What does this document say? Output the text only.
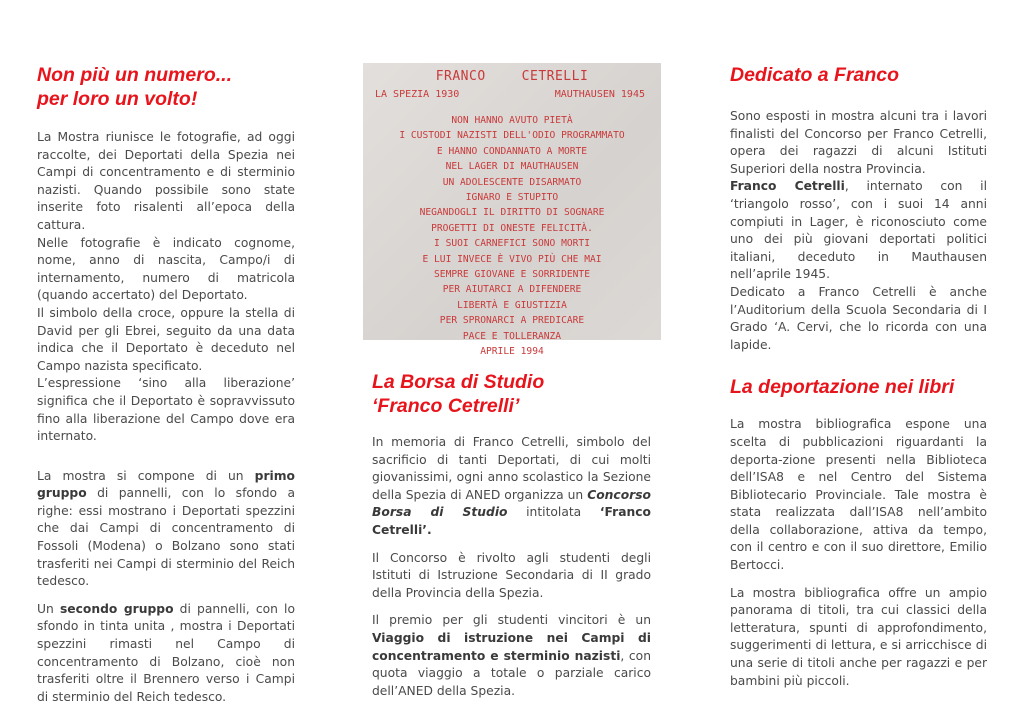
Non più un numero...
per loro un volto!

La Mostra riunisce le fotografie, ad oggi raccolte, dei Deportati della Spezia nei Campi di concentramento e di sterminio nazisti. Quando possibile sono state inserite foto risalenti all’epoca della cattura.

Nelle fotografie è indicato cognome, nome, anno di nascita, Campo/i di internamento, numero di matricola (quando accertato) del Deportato.

Il simbolo della croce, oppure la stella di David per gli Ebrei, seguito da una data indica che il Deportato è deceduto nel Campo nazista specificato.

L’espressione ‘sino alla liberazione’ significa che il Deportato è sopravvissuto fino alla liberazione del Campo dove era internato.

La mostra si compone di un primo gruppo di pannelli, con lo sfondo a righe: essi mostrano i Deportati spezzini che dai Campi di concentramento di Fossoli (Modena) o Bolzano sono stati trasferiti nei Campi di sterminio del Reich tedesco.

Un secondo gruppo di pannelli, con lo sfondo in tinta unita , mostra i Deportati spezzini rimasti nel Campo di concentramento di Bolzano, cioè non trasferiti oltre il Brennero verso i Campi di sterminio del Reich tedesco.

FRANCO	CETRELLI
LA SPEZIA 1930	MAUTHAUSEN 1945
NON HANNO AVUTO PIETÀ
I CUSTODI NAZISTI DELL'ODIO PROGRAMMATO
E HANNO CONDANNATO A MORTE
NEL LAGER DI MAUTHAUSEN
UN ADOLESCENTE DISARMATO
IGNARO E STUPITO
NEGANDOGLI IL DIRITTO DI SOGNARE
PROGETTI DI ONESTE FELICITÀ.
I SUOI CARNEFICI SONO MORTI
E LUI INVECE È VIVO PIÙ CHE MAI
SEMPRE GIOVANE E SORRIDENTE
PER AIUTARCI A DIFENDERE
LIBERTÀ E GIUSTIZIA
PER SPRONARCI A PREDICARE
PACE E TOLLERANZA
APRILE 1994
La Borsa di Studio
‘Franco Cetrelli’

In memoria di Franco Cetrelli, simbolo del sacrificio di tanti Deportati, di cui molti giovanissimi, ogni anno scolastico la Sezione della Spezia di ANED organizza un Concorso Borsa di Studio intitolata ‘Franco Cetrelli’.

Il Concorso è rivolto agli studenti degli Istituti di Istruzione Secondaria di II grado della Provincia della Spezia.

Il premio per gli studenti vincitori è un Viaggio di istruzione nei Campi di concentramento e sterminio nazisti, con quota viaggio a totale o parziale carico dell’ANED della Spezia.

Dedicato a Franco

Sono esposti in mostra alcuni tra i lavori finalisti del Concorso per Franco Cetrelli, opera dei ragazzi di alcuni Istituti Superiori della nostra Provincia.

Franco Cetrelli, internato con il ‘triangolo rosso’, con i suoi 14 anni compiuti in Lager, è riconosciuto come uno dei più giovani deportati politici italiani, deceduto in Mauthausen nell’aprile 1945.

Dedicato a Franco Cetrelli è anche l’Auditorium della Scuola Secondaria di I Grado ‘A. Cervi, che lo ricorda con una lapide.

La deportazione nei libri

La mostra bibliografica espone una scelta di pubblicazioni riguardanti la deporta-zione presenti nella Biblioteca dell’ISA8 e nel Centro del Sistema Bibliotecario Provinciale. Tale mostra è stata realizzata dall’ISA8 nell’ambito della collaborazione, attiva da tempo, con il centro e con il suo direttore, Emilio Bertocci.

La mostra bibliografica offre un ampio panorama di titoli, tra cui classici della letteratura, spunti di approfondimento, suggerimenti di lettura, e si arricchisce di una serie di titoli anche per ragazzi e per bambini più piccoli.
